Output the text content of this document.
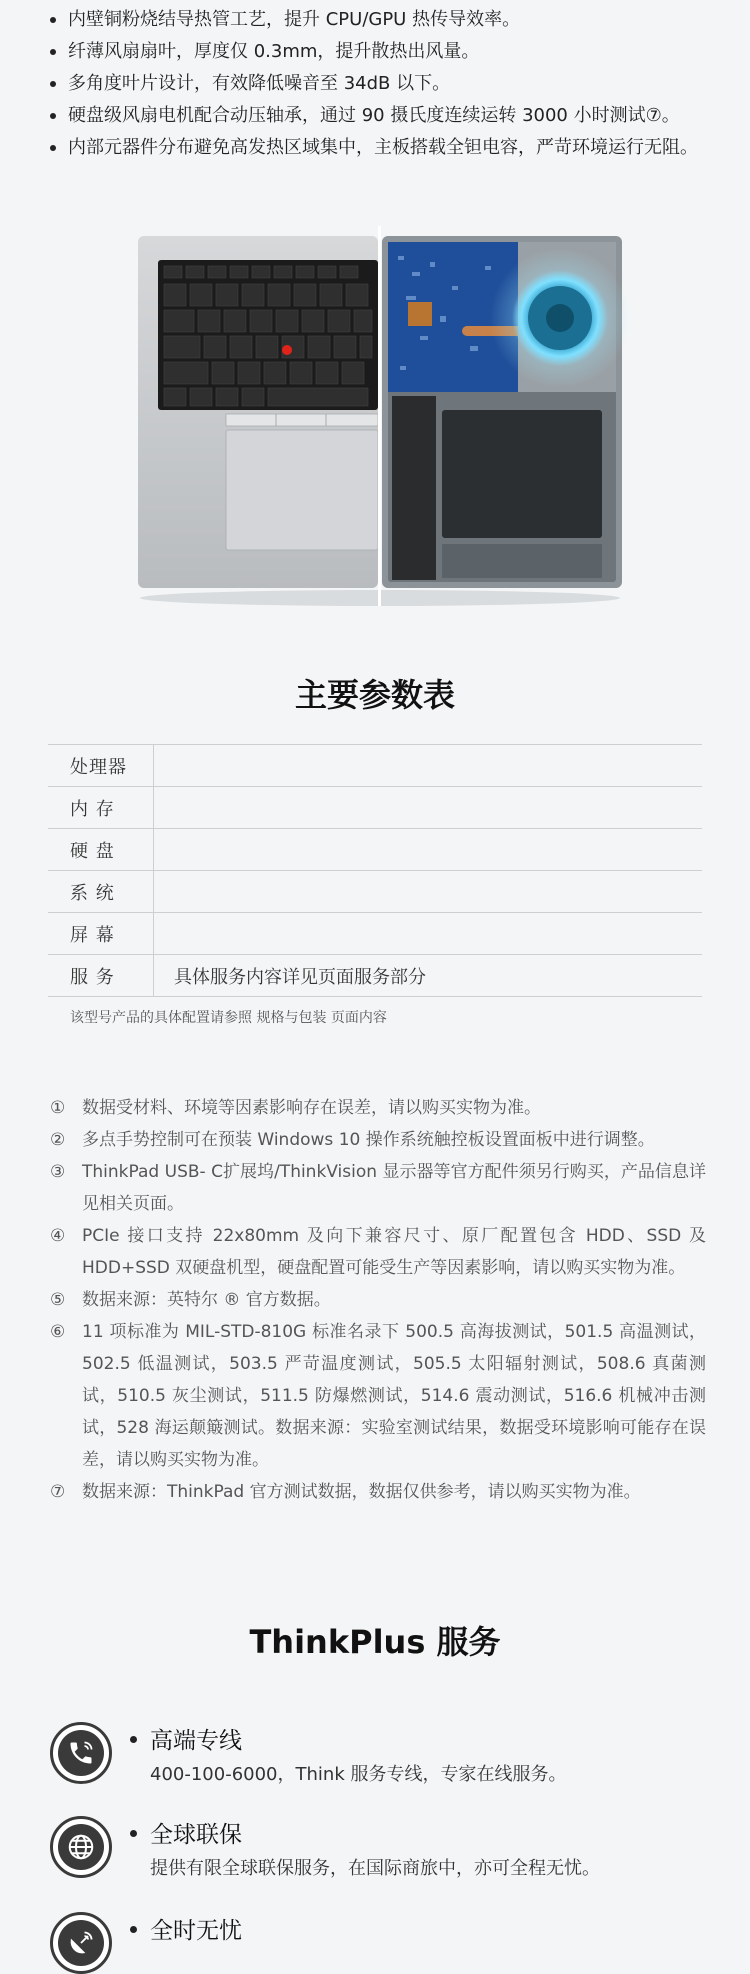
内壁铜粉烧结导热管工艺，提升 CPU/GPU 热传导效率。
纤薄风扇扇叶，厚度仅 0.3mm，提升散热出风量。
多角度叶片设计，有效降低噪音至 34dB 以下。
硬盘级风扇电机配合动压轴承，通过 90 摄氏度连续运转 3000 小时测试⑦。
内部元器件分布避免高发热区域集中，主板搭载全钽电容，严苛环境运行无阻。
主要参数表
处理器
内 存
硬 盘
系 统
屏 幕
服 务	具体服务内容详见页面服务部分
该型号产品的具体配置请参照 规格与包装 页面内容
① 数据受材料、环境等因素影响存在误差，请以购买实物为准。
② 多点手势控制可在预装 Windows 10 操作系统触控板设置面板中进行调整。
③ ThinkPad USB- C扩展坞/ThinkVision 显示器等官方配件须另行购买，产品信息详见相关页面。
④ PCIe 接口支持 22x80mm 及向下兼容尺寸、原厂配置包含 HDD、SSD 及 HDD+SSD 双硬盘机型，硬盘配置可能受生产等因素影响，请以购买实物为准。
⑤ 数据来源：英特尔 ® 官方数据。
⑥ 11 项标准为 MIL-STD-810G 标准名录下 500.5 高海拔测试，501.5 高温测试，502.5 低温测试，503.5 严苛温度测试，505.5 太阳辐射测试，508.6 真菌测试，510.5 灰尘测试，511.5 防爆燃测试，514.6 震动测试，516.6 机械冲击测试，528 海运颠簸测试。数据来源：实验室测试结果，数据受环境影响可能存在误差，请以购买实物为准。
⑦ 数据来源：ThinkPad 官方测试数据，数据仅供参考，请以购买实物为准。
ThinkPlus 服务
高端专线
400-100-6000，Think 服务专线，专家在线服务。
全球联保
提供有限全球联保服务，在国际商旅中，亦可全程无忧。
全时无忧
